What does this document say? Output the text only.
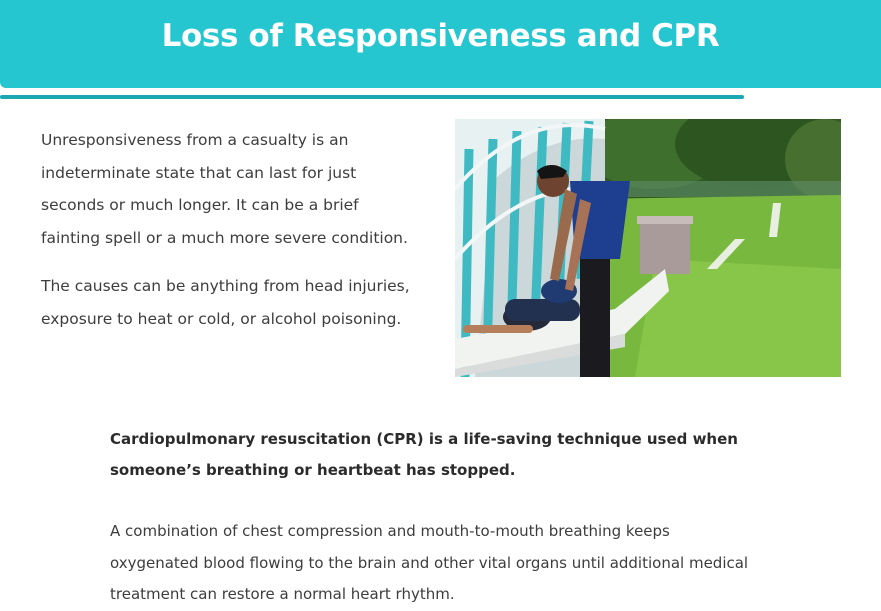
Loss of Responsiveness and CPR

Unresponsiveness from a casualty is an indeterminate state that can last for just seconds or much longer. It can be a brief fainting spell or a much more severe condition.

The causes can be anything from head injuries, exposure to heat or cold, or alcohol poisoning.

Cardiopulmonary resuscitation (CPR) is a life-saving technique used when someone’s breathing or heartbeat has stopped.

A combination of chest compression and mouth-to-mouth breathing keeps oxygenated blood flowing to the brain and other vital organs until additional medical treatment can restore a normal heart rhythm.
